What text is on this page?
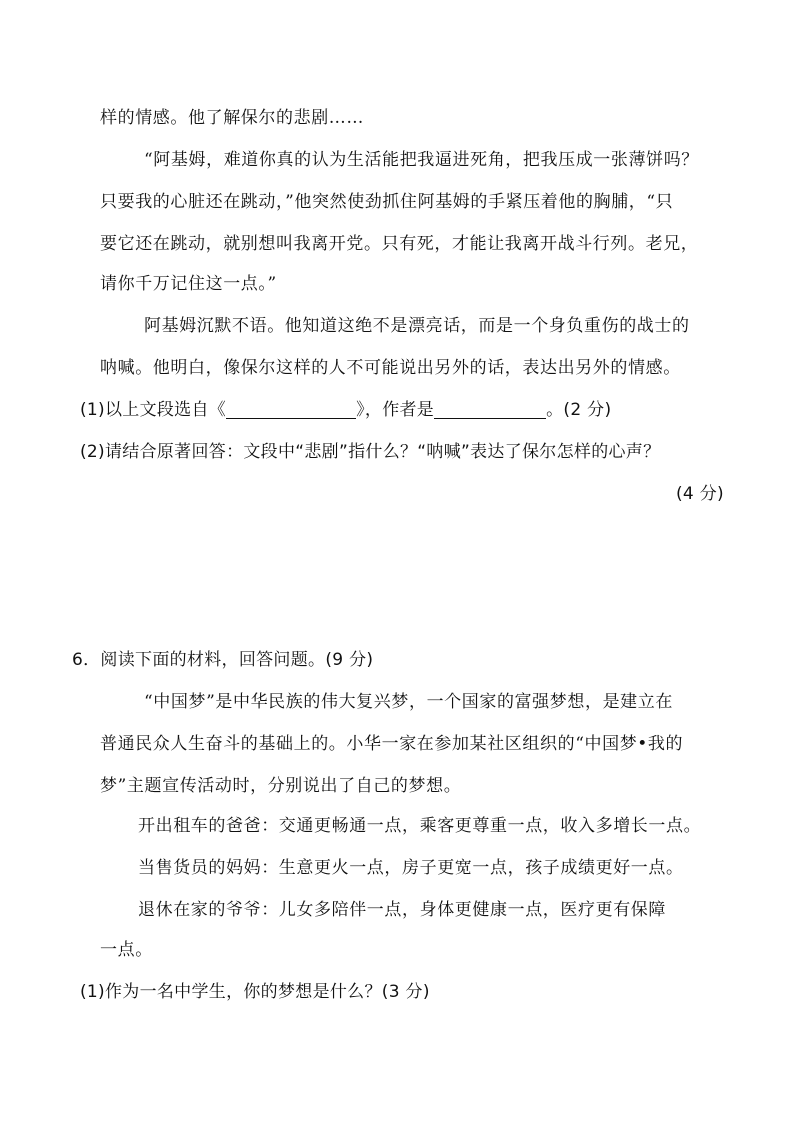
样的情感。他了解保尔的悲剧……
“阿基姆，难道你真的认为生活能把我逼进死角，把我压成一张薄饼吗？
只要我的心脏还在跳动，”他突然使劲抓住阿基姆的手紧压着他的胸脯，“只
要它还在跳动，就别想叫我离开党。只有死，才能让我离开战斗行列。老兄，
请你千万记住这一点。”
阿基姆沉默不语。他知道这绝不是漂亮话，而是一个身负重伤的战士的
呐喊。他明白，像保尔这样的人不可能说出另外的话，表达出另外的情感。
(1)以上文段选自《	》，作者是	。(2 分)
(2)请结合原著回答：文段中“悲剧”指什么？“呐喊”表达了保尔怎样的心声？
(4 分)
6．阅读下面的材料，回答问题。(9 分)
“中国梦”是中华民族的伟大复兴梦，一个国家的富强梦想，是建立在
普通民众人生奋斗的基础上的。小华一家在参加某社区组织的“中国梦•我的
梦”主题宣传活动时，分别说出了自己的梦想。
开出租车的爸爸：交通更畅通一点，乘客更尊重一点，收入多增长一点。
当售货员的妈妈：生意更火一点，房子更宽一点，孩子成绩更好一点。
退休在家的爷爷：儿女多陪伴一点，身体更健康一点，医疗更有保障
一点。
(1)作为一名中学生，你的梦想是什么？(3 分)
